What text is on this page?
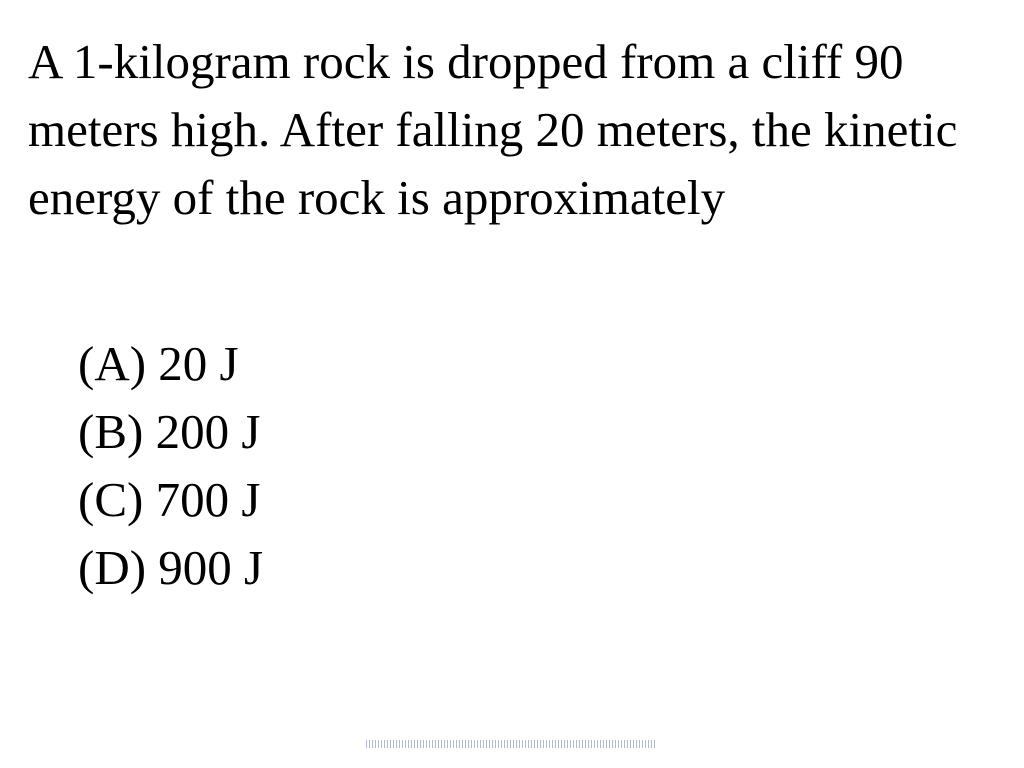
A 1-kilogram rock is dropped from a cliff 90 meters high. After falling 20 meters, the kinetic energy of the rock is approximately

(A) 20 J
(B) 200 J
(C) 700 J
(D) 900 J
